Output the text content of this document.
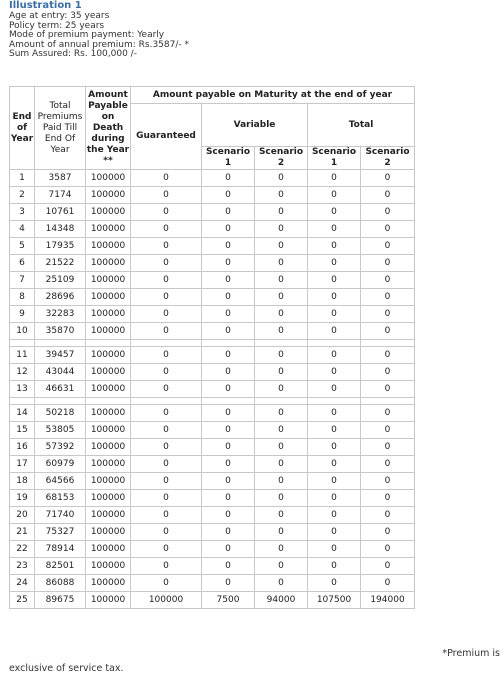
Illustration 1
Age at entry: 35 years
Policy term: 25 years
Mode of premium payment: Yearly
Amount of annual premium: Rs.3587/- *
Sum Assured: Rs. 100,000 /-
End of Year	Total Premiums Paid Till End Of Year	Amount Payable on Death during the Year **	Amount payable on Maturity at the end of year				
			Guaranteed	Variable		Total	
				Scenario 1	Scenario 2	Scenario 1	Scenario 2
1	3587	100000	0	0	0	0	0
2	7174	100000	0	0	0	0	0
3	10761	100000	0	0	0	0	0
4	14348	100000	0	0	0	0	0
5	17935	100000	0	0	0	0	0
6	21522	100000	0	0	0	0	0
7	25109	100000	0	0	0	0	0
8	28696	100000	0	0	0	0	0
9	32283	100000	0	0	0	0	0
10	35870	100000	0	0	0	0	0

11	39457	100000	0	0	0	0	0
12	43044	100000	0	0	0	0	0
13	46631	100000	0	0	0	0	0

14	50218	100000	0	0	0	0	0
15	53805	100000	0	0	0	0	0
16	57392	100000	0	0	0	0	0
17	60979	100000	0	0	0	0	0
18	64566	100000	0	0	0	0	0
19	68153	100000	0	0	0	0	0
20	71740	100000	0	0	0	0	0
21	75327	100000	0	0	0	0	0
22	78914	100000	0	0	0	0	0
23	82501	100000	0	0	0	0	0
24	86088	100000	0	0	0	0	0
25	89675	100000	100000	7500	94000	107500	194000
*Premium is
exclusive of service tax.
